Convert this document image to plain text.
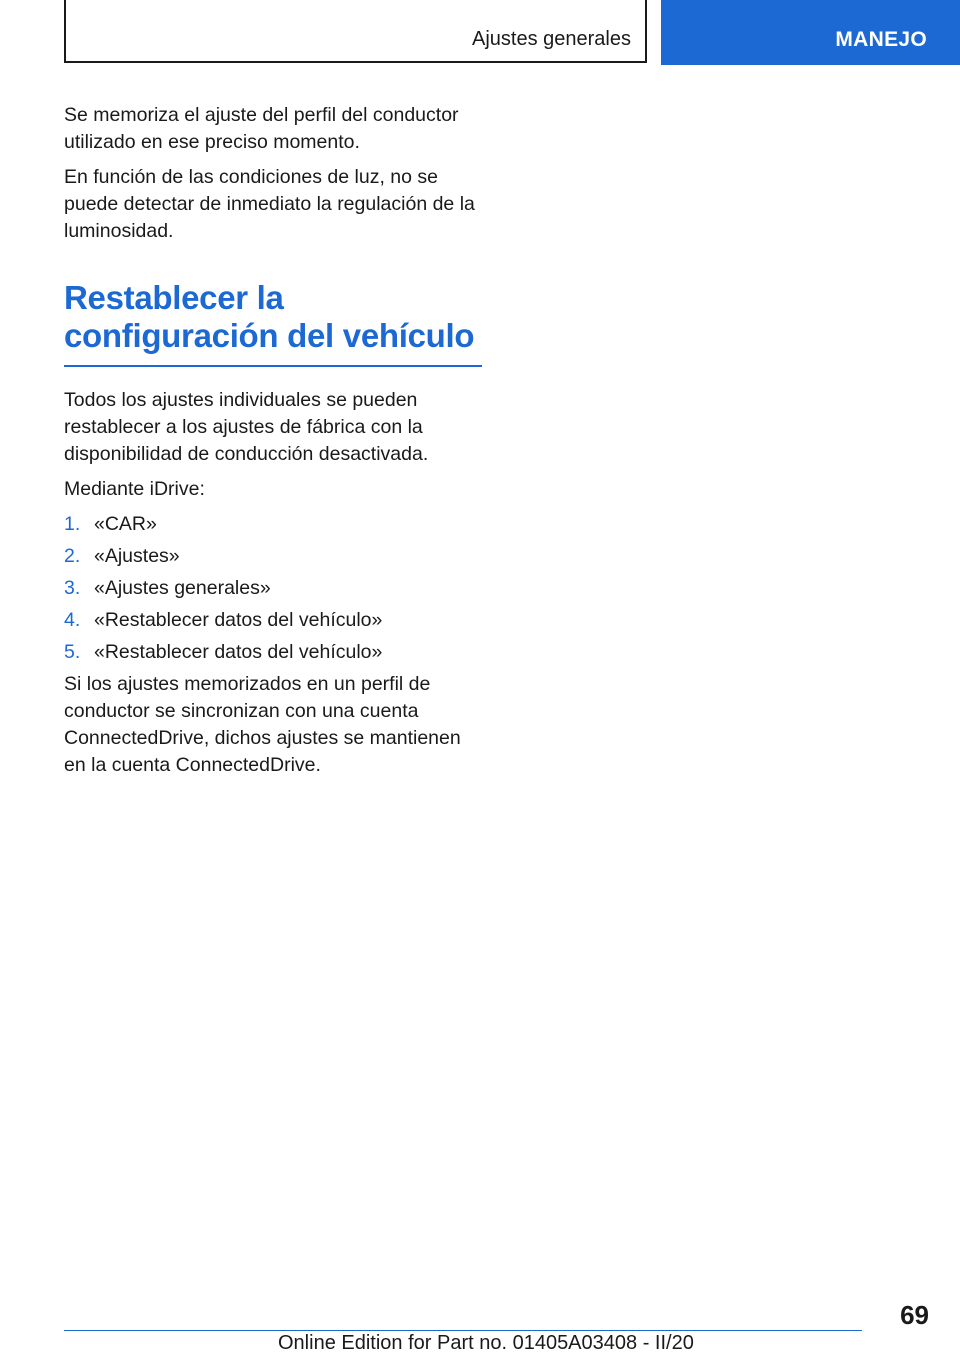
Ajustes generales	MANEJO

Se memoriza el ajuste del perfil del conductor utilizado en ese preciso momento.

En función de las condiciones de luz, no se puede detectar de inmediato la regulación de la luminosidad.

Restablecer la
configuración del vehículo

Todos los ajustes individuales se pueden restablecer a los ajustes de fábrica con la disponibilidad de conducción desactivada.

Mediante iDrive:

1. «CAR»
2. «Ajustes»
3. «Ajustes generales»
4. «Restablecer datos del vehículo»
5. «Restablecer datos del vehículo»

Si los ajustes memorizados en un perfil de conductor se sincronizan con una cuenta ConnectedDrive, dichos ajustes se mantienen en la cuenta ConnectedDrive.

69
Online Edition for Part no. 01405A03408 - II/20
